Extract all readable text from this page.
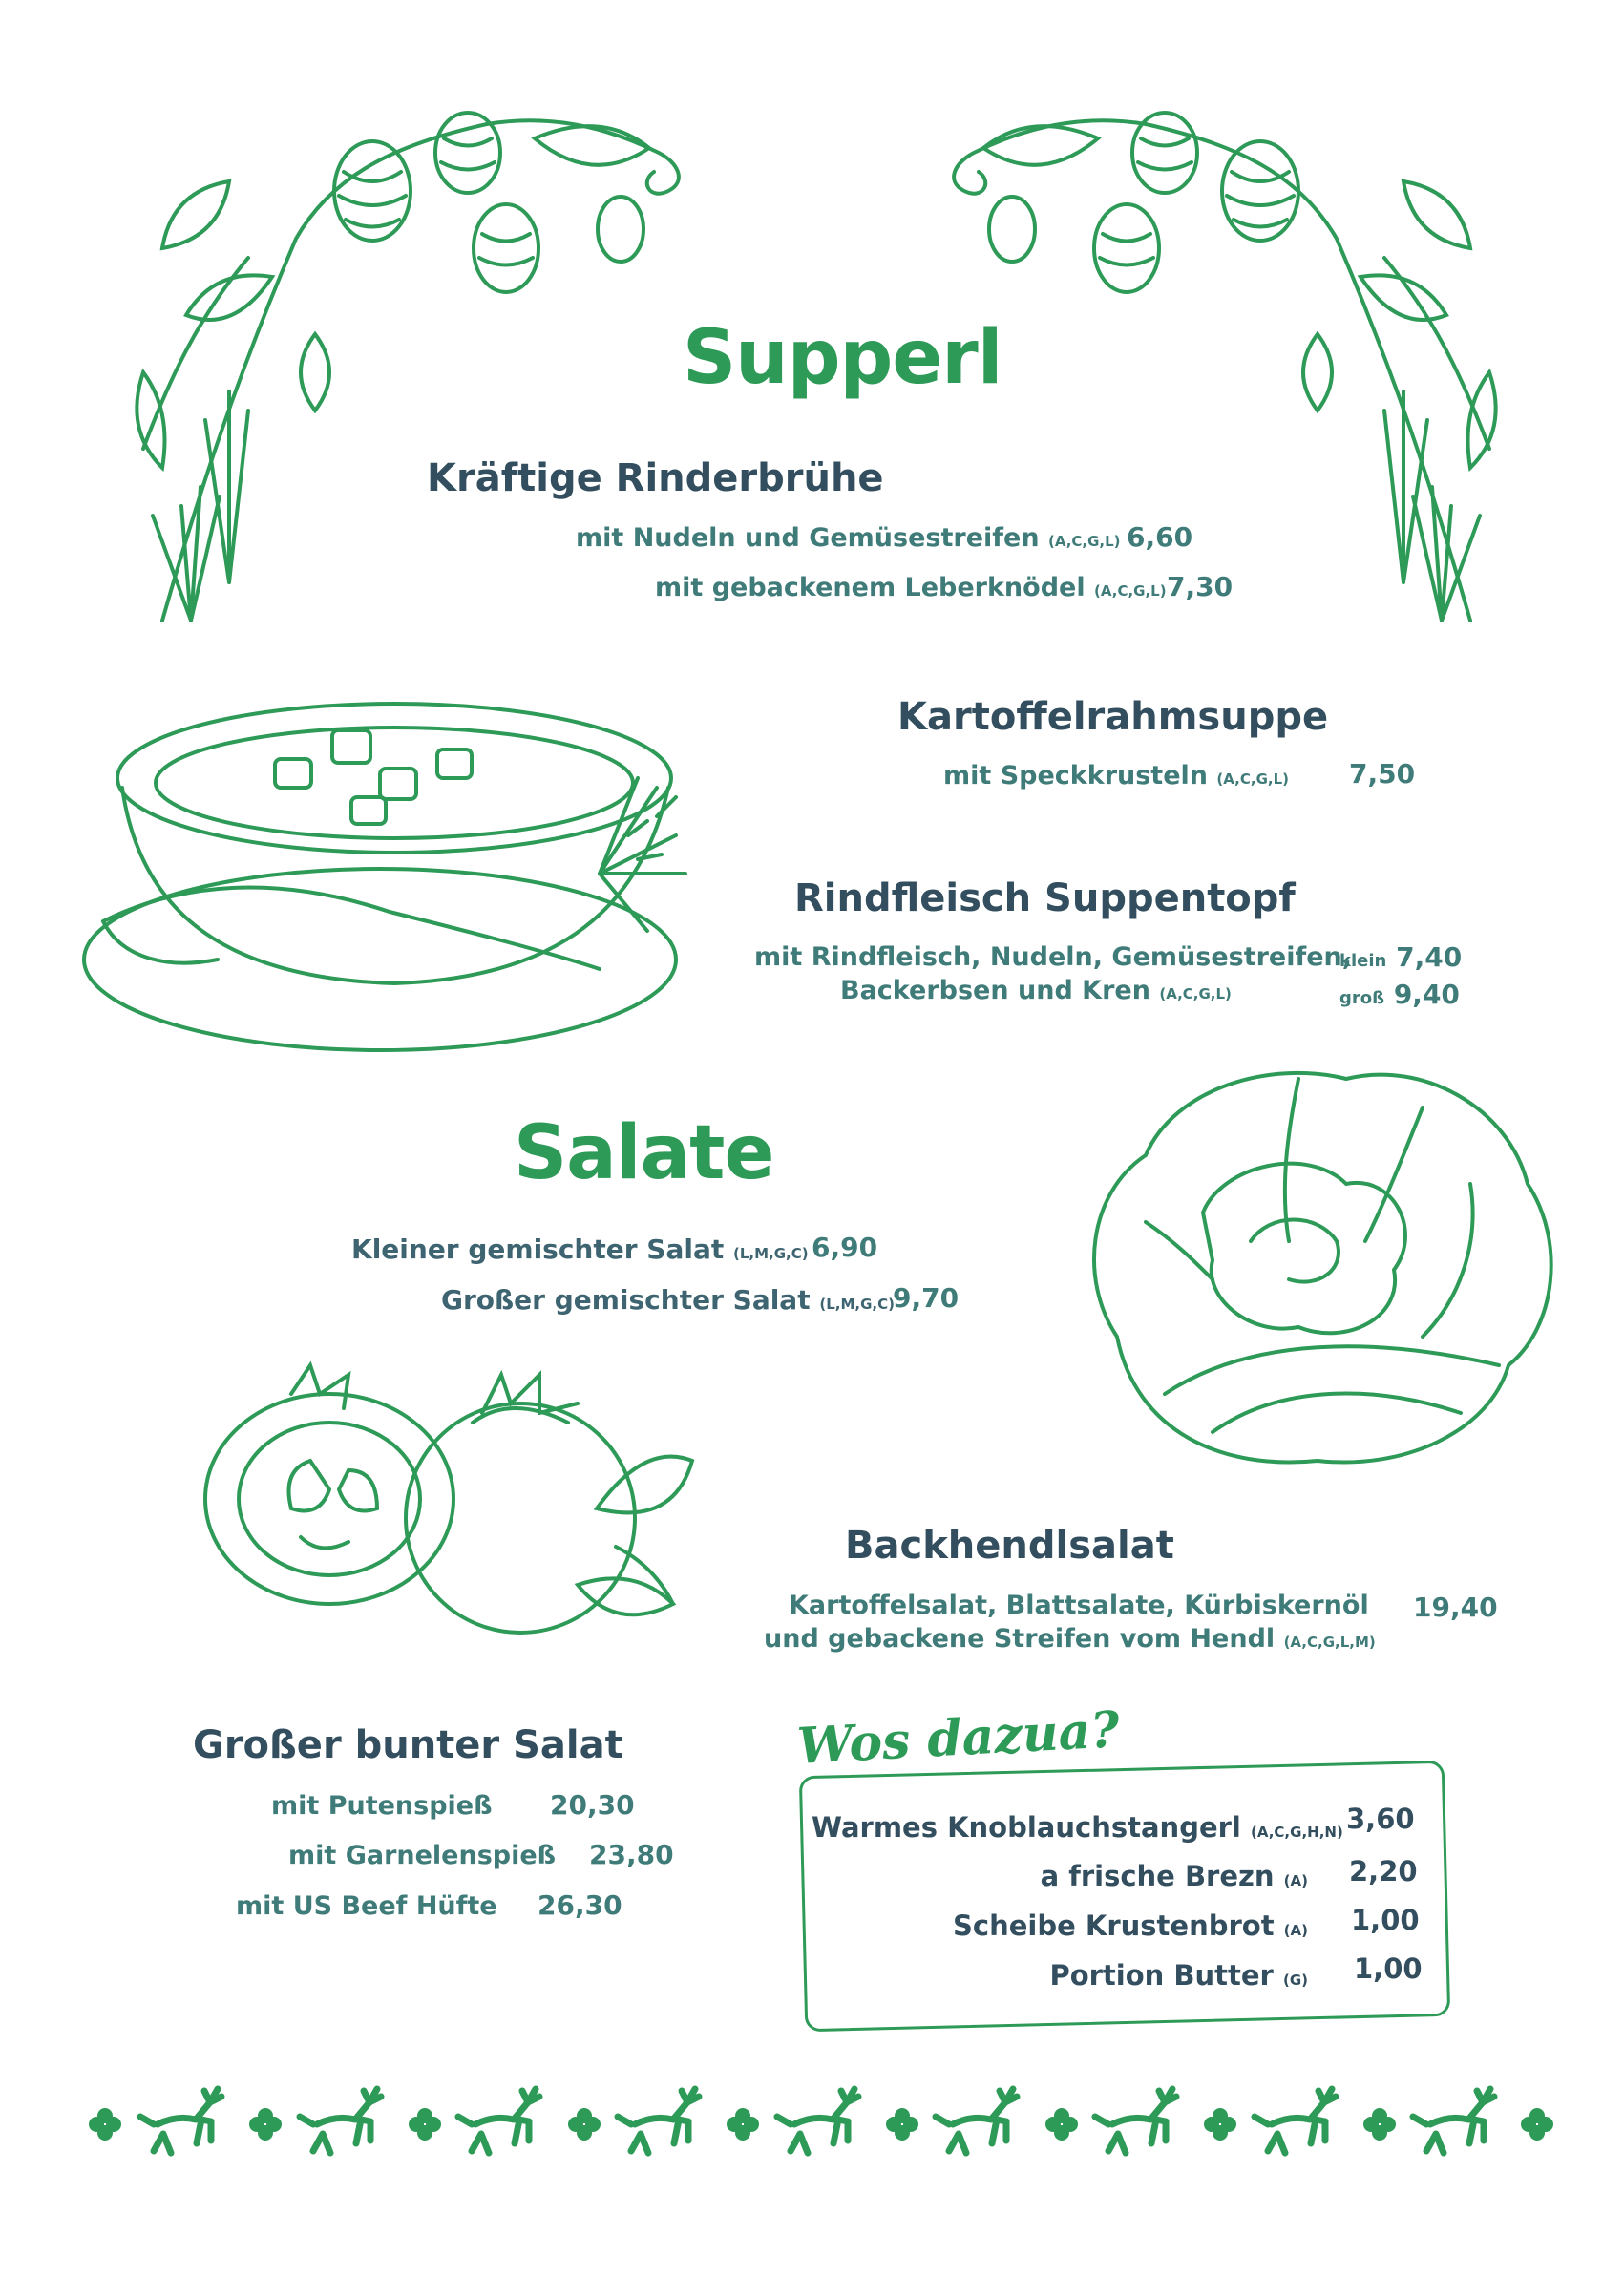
Supperl
Kräftige Rinderbrühe
mit Nudeln und Gemüsestreifen (A,C,G,L) 6,60
mit gebackenem Leberknödel (A,C,G,L) 7,30
Kartoffelrahmsuppe
mit Speckkrusteln (A,C,G,L) 7,50
Rindfleisch Suppentopf
mit Rindfleisch, Nudeln, Gemüsestreifen,
Backerbsen und Kren (A,C,G,L)
klein 7,40
groß 9,40
Salate
Kleiner gemischter Salat (L,M,G,C) 6,90
Großer gemischter Salat (L,M,G,C)
9,70
Backhendlsalat
Kartoffelsalat, Blattsalate, Kürbiskernöl
und gebackene Streifen vom Hendl (A,C,G,L,M)
19,40
Großer bunter Salat
mit Putenspieß 20,30
mit Garnelenspieß 23,80
mit US Beef Hüfte 26,30
Wos dazua?
Warmes Knoblauchstangerl (A,C,G,H,N) 3,60
a frische Brezn (A) 2,20
Scheibe Krustenbrot (A) 1,00
Portion Butter (G) 1,00
